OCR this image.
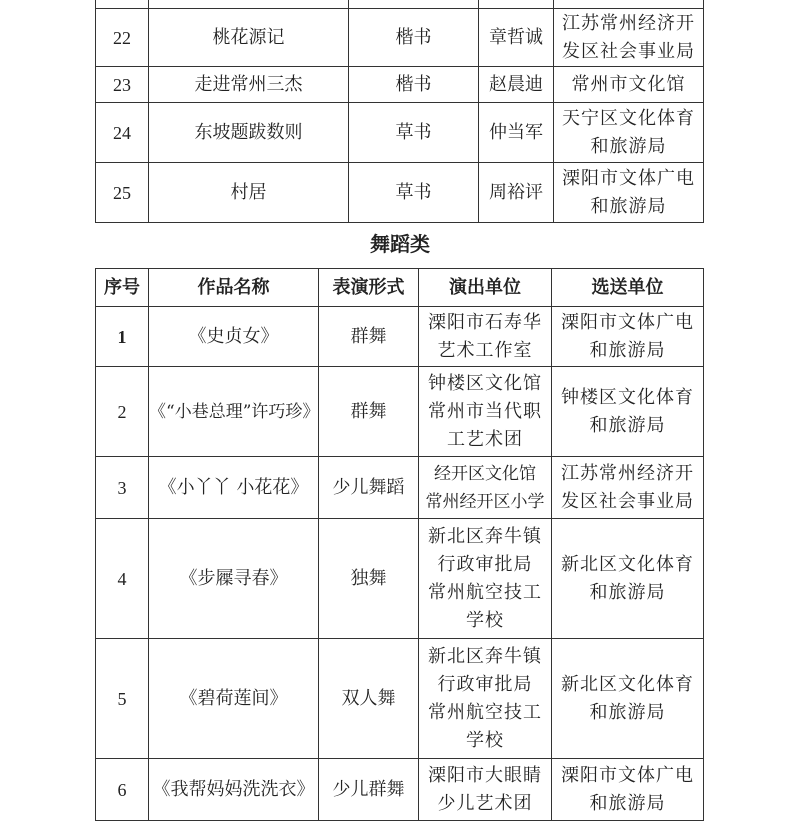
22	桃花源记	楷书	章哲诚	江苏常州经济开
发区社会事业局

23	走进常州三杰	楷书	赵晨迪	常州市文化馆

24	东坡题跋数则	草书	仲当军	天宁区文化体育
和旅游局

25	村居	草书	周裕评	溧阳市文体广电
和旅游局
舞蹈类
序号	作品名称	表演形式	演出单位	选送单位
1	《史贞女》	群舞	溧阳市石寿华
艺术工作室	溧阳市文体广电
和旅游局

2	《“小巷总理”许巧珍》	群舞	钟楼区文化馆
常州市当代职
工艺术团	钟楼区文化体育
和旅游局

3	《小丫丫 小花花》	少儿舞蹈	经开区文化馆
常州经开区小学	江苏常州经济开
发区社会事业局

4	《步屧寻春》	独舞	新北区奔牛镇
行政审批局
常州航空技工
学校	新北区文化体育
和旅游局

5	《碧荷莲间》	双人舞	新北区奔牛镇
行政审批局
常州航空技工
学校	新北区文化体育
和旅游局

6	《我帮妈妈洗洗衣》	少儿群舞	溧阳市大眼睛
少儿艺术团	溧阳市文体广电
和旅游局
